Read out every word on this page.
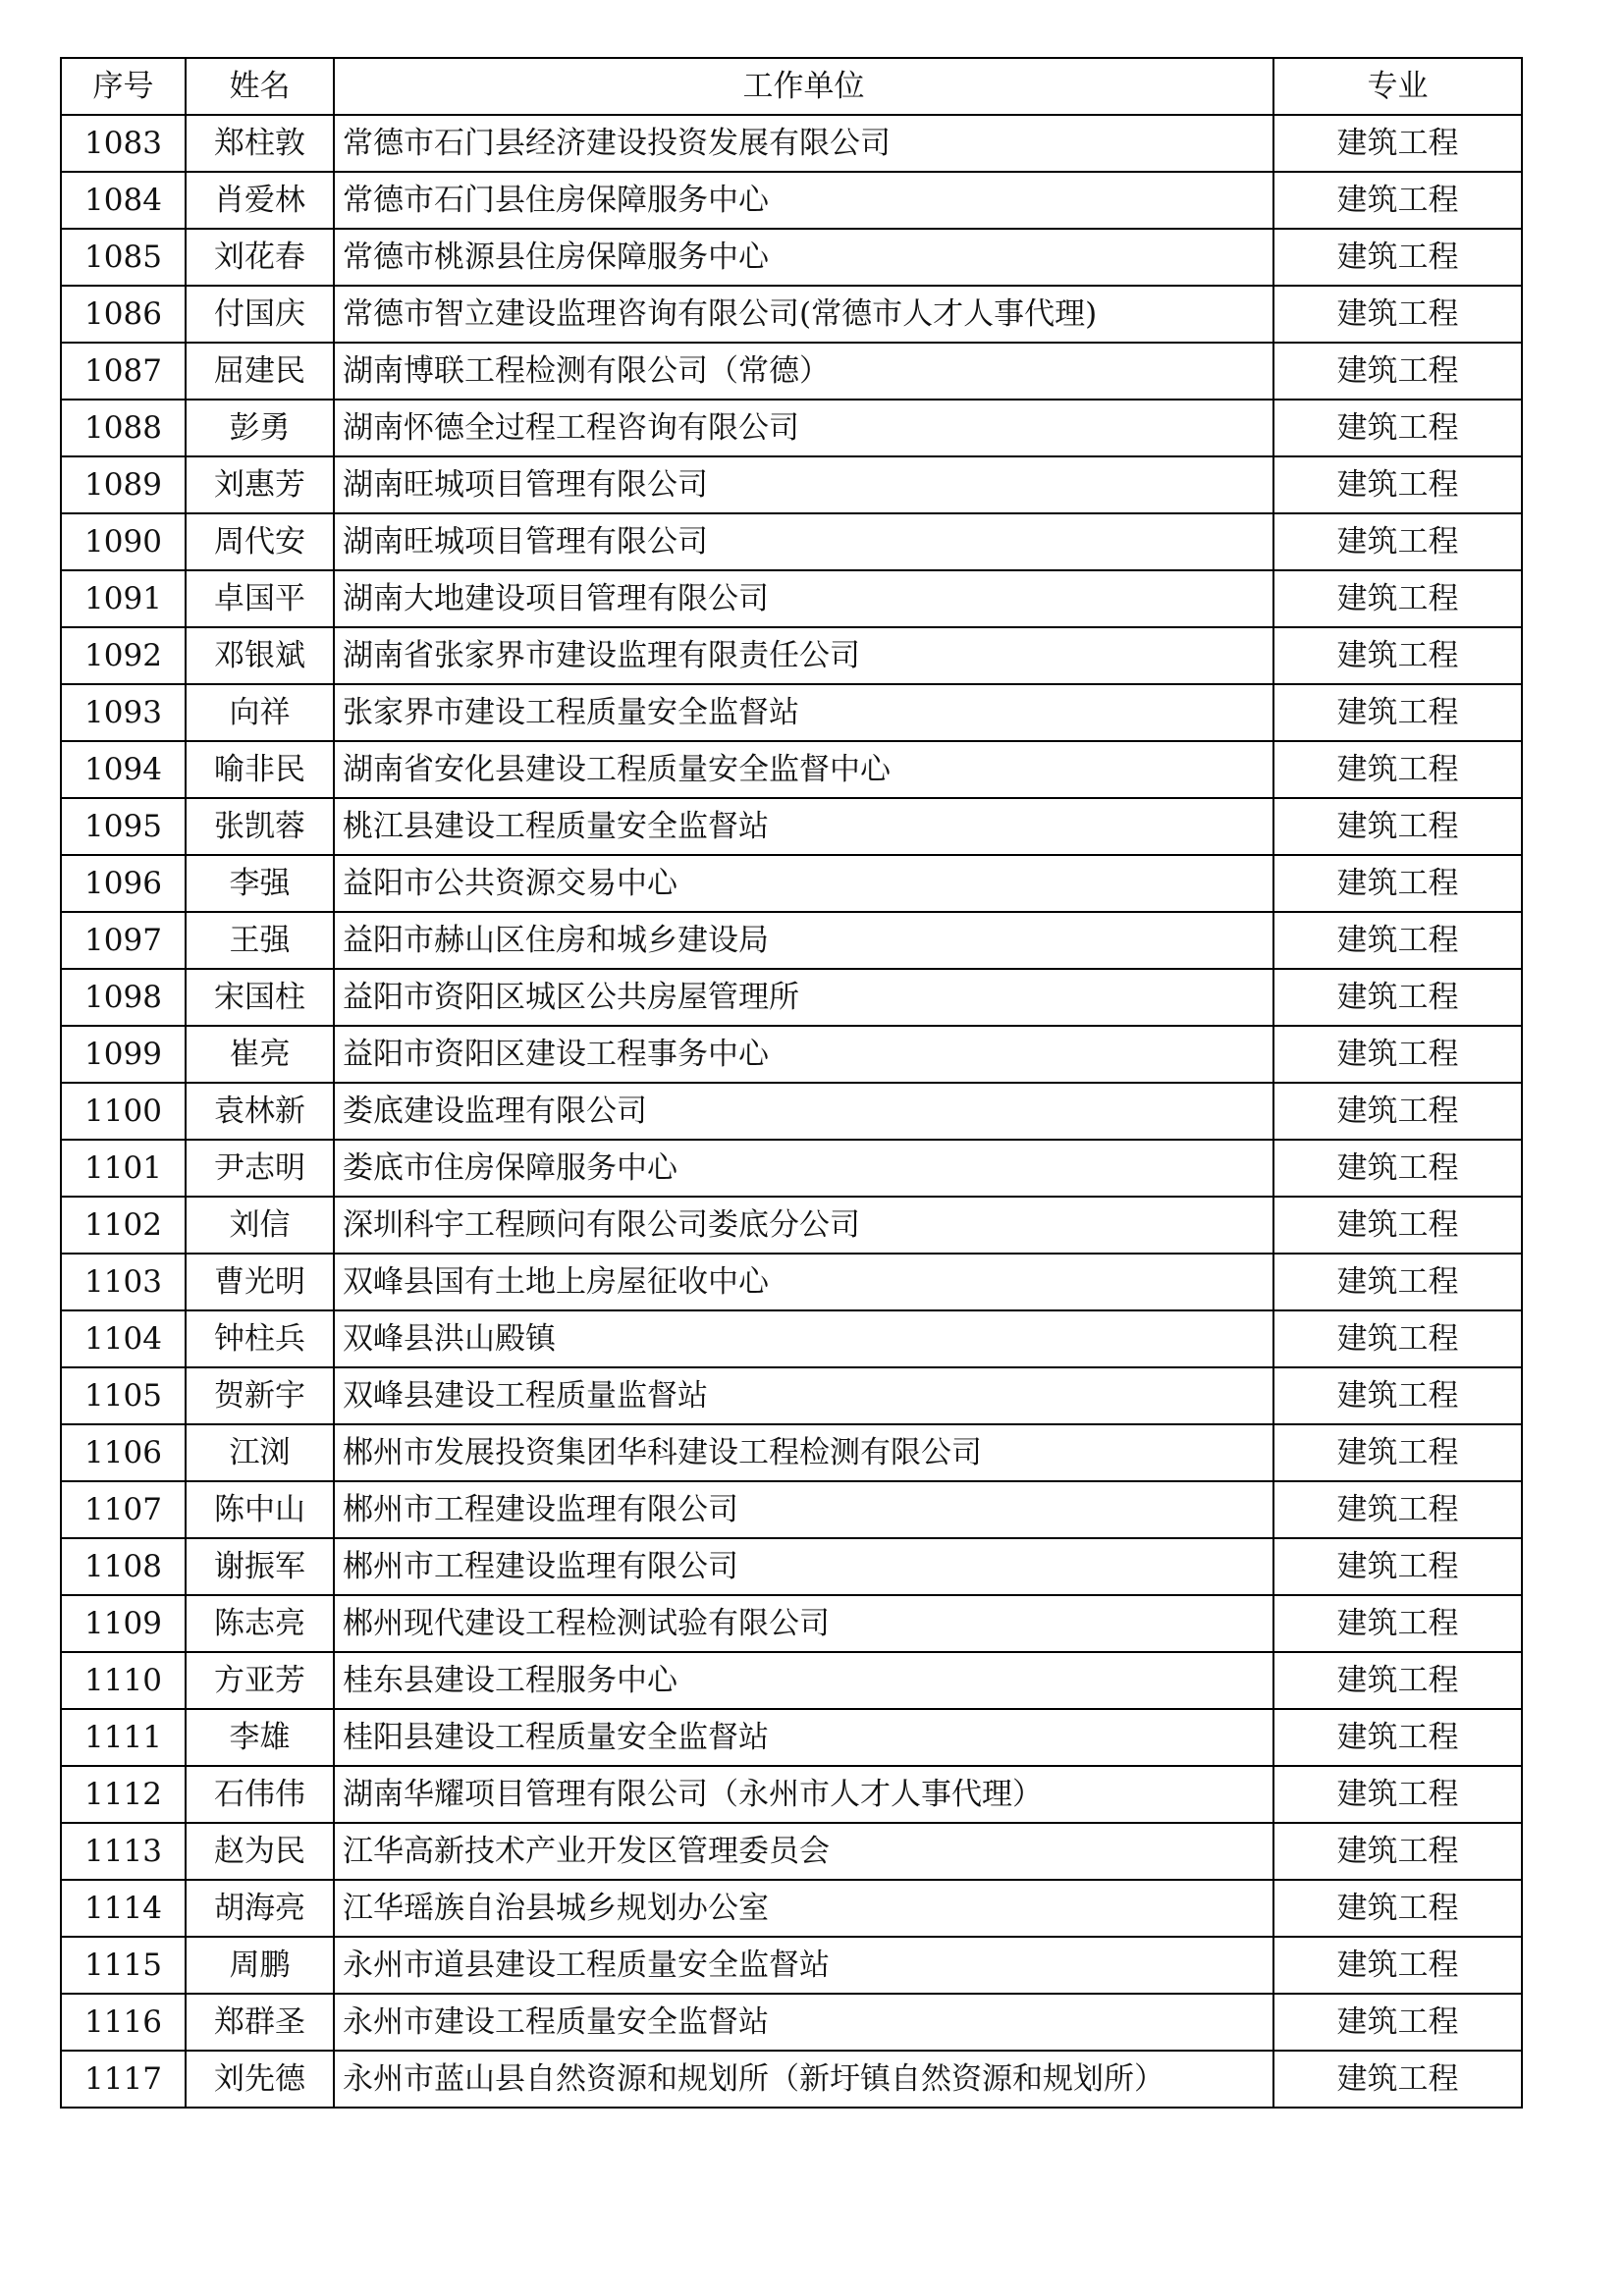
序号	姓名	工作单位	专业
1083	郑柱敦	常德市石门县经济建设投资发展有限公司	建筑工程
1084	肖爱林	常德市石门县住房保障服务中心	建筑工程
1085	刘花春	常德市桃源县住房保障服务中心	建筑工程
1086	付国庆	常德市智立建设监理咨询有限公司(常德市人才人事代理)	建筑工程
1087	屈建民	湖南博联工程检测有限公司（常德）	建筑工程
1088	彭勇	湖南怀德全过程工程咨询有限公司	建筑工程
1089	刘惠芳	湖南旺城项目管理有限公司	建筑工程
1090	周代安	湖南旺城项目管理有限公司	建筑工程
1091	卓国平	湖南大地建设项目管理有限公司	建筑工程
1092	邓银斌	湖南省张家界市建设监理有限责任公司	建筑工程
1093	向祥	张家界市建设工程质量安全监督站	建筑工程
1094	喻非民	湖南省安化县建设工程质量安全监督中心	建筑工程
1095	张凯蓉	桃江县建设工程质量安全监督站	建筑工程
1096	李强	益阳市公共资源交易中心	建筑工程
1097	王强	益阳市赫山区住房和城乡建设局	建筑工程
1098	宋国柱	益阳市资阳区城区公共房屋管理所	建筑工程
1099	崔亮	益阳市资阳区建设工程事务中心	建筑工程
1100	袁林新	娄底建设监理有限公司	建筑工程
1101	尹志明	娄底市住房保障服务中心	建筑工程
1102	刘信	深圳科宇工程顾问有限公司娄底分公司	建筑工程
1103	曹光明	双峰县国有土地上房屋征收中心	建筑工程
1104	钟柱兵	双峰县洪山殿镇	建筑工程
1105	贺新宇	双峰县建设工程质量监督站	建筑工程
1106	江浏	郴州市发展投资集团华科建设工程检测有限公司	建筑工程
1107	陈中山	郴州市工程建设监理有限公司	建筑工程
1108	谢振军	郴州市工程建设监理有限公司	建筑工程
1109	陈志亮	郴州现代建设工程检测试验有限公司	建筑工程
1110	方亚芳	桂东县建设工程服务中心	建筑工程
1111	李雄	桂阳县建设工程质量安全监督站	建筑工程
1112	石伟伟	湖南华耀项目管理有限公司（永州市人才人事代理）	建筑工程
1113	赵为民	江华高新技术产业开发区管理委员会	建筑工程
1114	胡海亮	江华瑶族自治县城乡规划办公室	建筑工程
1115	周鹏	永州市道县建设工程质量安全监督站	建筑工程
1116	郑群圣	永州市建设工程质量安全监督站	建筑工程
1117	刘先德	永州市蓝山县自然资源和规划所（新圩镇自然资源和规划所）	建筑工程
